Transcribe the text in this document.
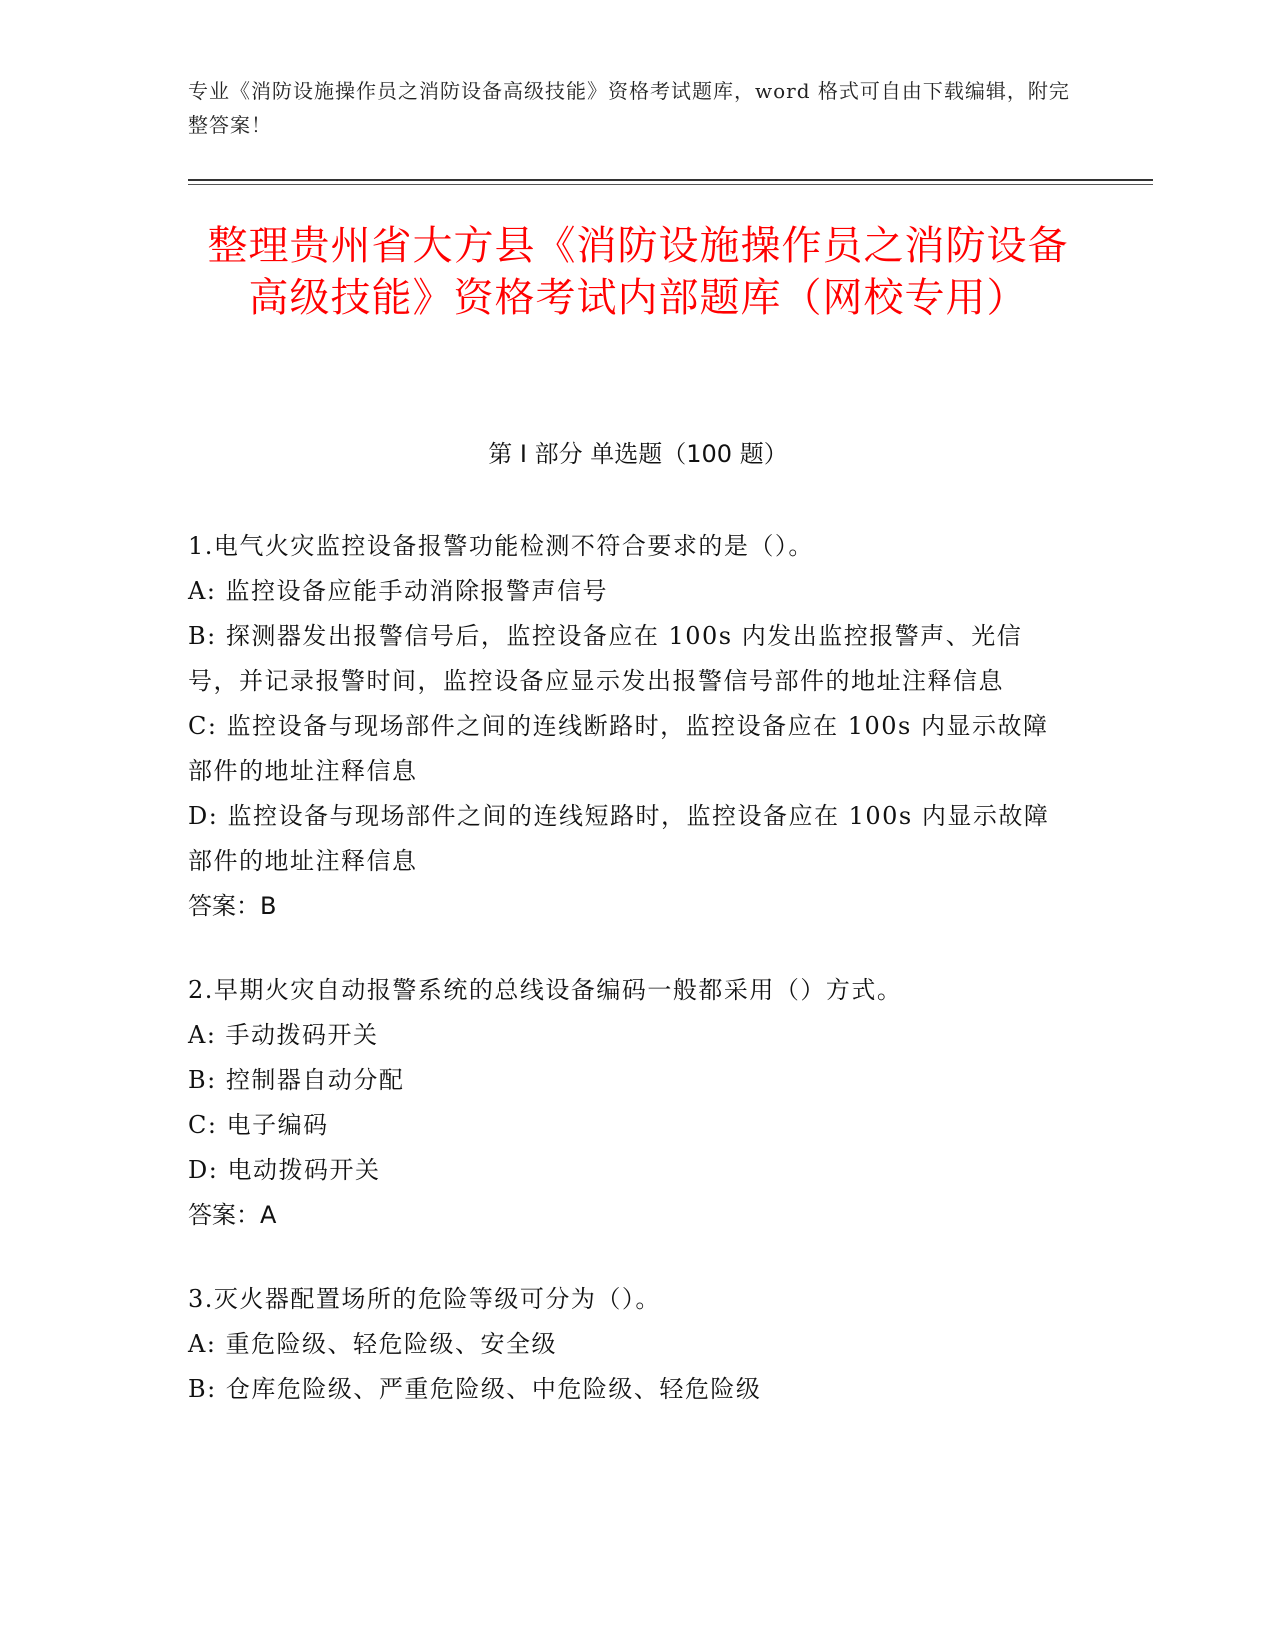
专业《消防设施操作员之消防设备高级技能》资格考试题库，word 格式可自由下载编辑，附完整答案！
整理贵州省大方县《消防设施操作员之消防设备高级技能》资格考试内部题库（网校专用）
第 I 部分 单选题（100 题）
1.电气火灾监控设备报警功能检测不符合要求的是（）。
A: 监控设备应能手动消除报警声信号
B: 探测器发出报警信号后，监控设备应在 100s 内发出监控报警声、光信号，并记录报警时间，监控设备应显示发出报警信号部件的地址注释信息
C: 监控设备与现场部件之间的连线断路时，监控设备应在 100s 内显示故障部件的地址注释信息
D: 监控设备与现场部件之间的连线短路时，监控设备应在 100s 内显示故障部件的地址注释信息
答案：B
2.早期火灾自动报警系统的总线设备编码一般都采用（）方式。
A: 手动拨码开关
B: 控制器自动分配
C: 电子编码
D: 电动拨码开关
答案：A
3.灭火器配置场所的危险等级可分为（）。
A: 重危险级、轻危险级、安全级
B: 仓库危险级、严重危险级、中危险级、轻危险级
